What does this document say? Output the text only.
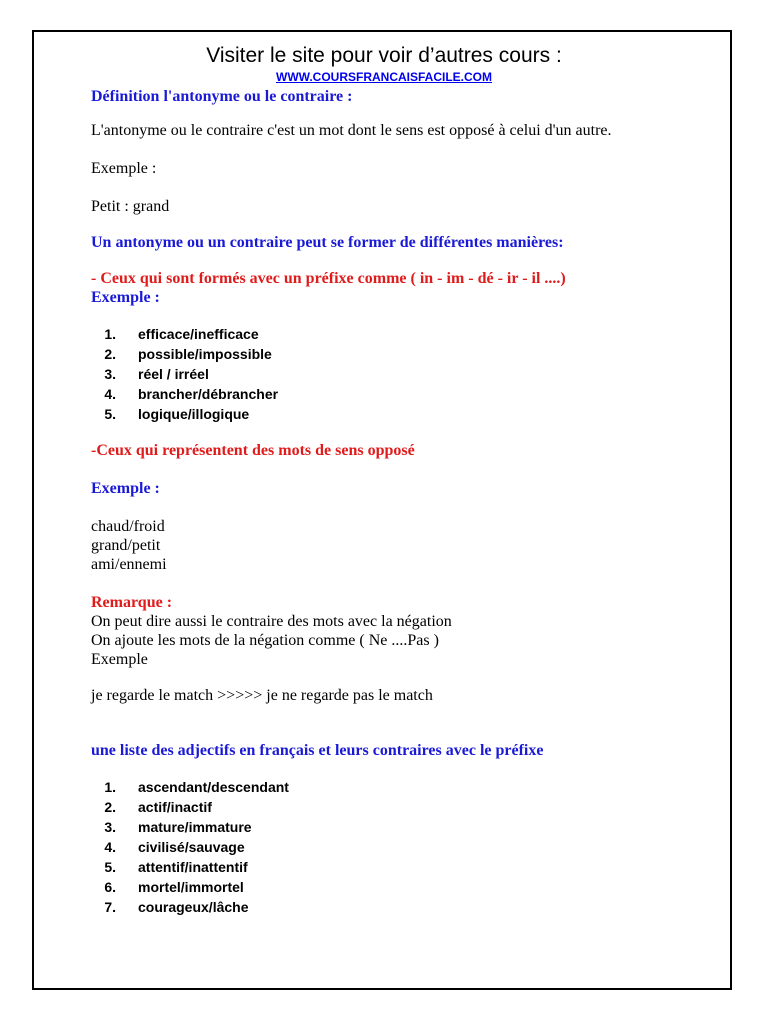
Visiter le site pour voir d’autres cours :
WWW.COURSFRANCAISFACILE.COM
Définition l'antonyme ou le contraire :
L'antonyme ou le contraire c'est un mot dont le sens est opposé à celui d'un autre.
Exemple :
Petit : grand
Un antonyme ou un contraire peut se former de différentes manières:
- Ceux qui sont formés avec un préfixe comme ( in - im - dé - ir - il ....)
Exemple :
1. efficace/inefficace
2. possible/impossible
3. réel / irréel
4. brancher/débrancher
5. logique/illogique
-Ceux qui représentent des mots de sens opposé
Exemple :
chaud/froid
grand/petit
ami/ennemi
Remarque :
On peut dire aussi le contraire des mots avec la négation
On ajoute les mots de la négation comme ( Ne ....Pas )
Exemple
je regarde le match >>>>> je ne regarde pas le match
une liste des adjectifs en français et leurs contraires avec le préfixe
1. ascendant/descendant
2. actif/inactif
3. mature/immature
4. civilisé/sauvage
5. attentif/inattentif
6. mortel/immortel
7. courageux/lâche
